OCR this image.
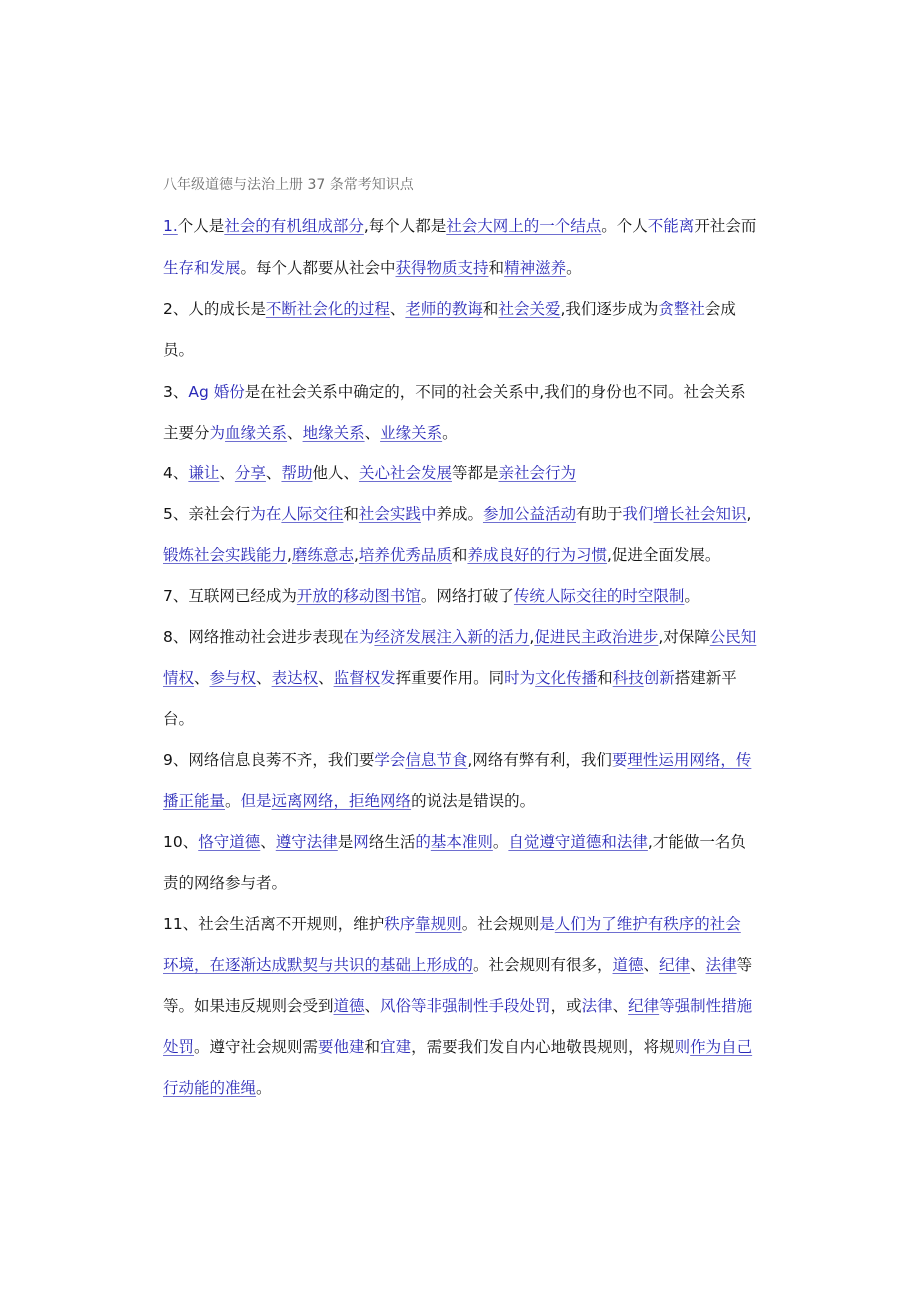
八年级道德与法治上册 37 条常考知识点
1.个人是社会的有机组成部分,每个人都是社会大网上的一个结点。个人不能离开社会而
生存和发展。每个人都要从社会中获得物质支持和精神滋养。
2、人的成长是不断社会化的过程、老师的教诲和社会关爱,我们逐步成为贪整社会成
员。
3、Ag 婚份是在社会关系中确定的，不同的社会关系中,我们的身份也不同。社会关系
主要分为血缘关系、地缘关系、业缘关系。
4、谦让、分享、帮助他人、关心社会发展等都是亲社会行为
5、亲社会行为在人际交往和社会实践中养成。参加公益活动有助于我们增长社会知识,
锻炼社会实践能力,磨练意志,培养优秀品质和养成良好的行为习惯,促进全面发展。
7、互联网已经成为开放的移动图书馆。网络打破了传统人际交往的时空限制。
8、网络推动社会进步表现在为经济发展注入新的活力,促进民主政治进步,对保障公民知
情权、参与权、表达权、监督权发挥重要作用。同时为文化传播和科技创新搭建新平
台。
9、网络信息良莠不齐，我们要学会信息节食,网络有弊有利，我们要理性运用网络，传
播正能量。但是远离网络，拒绝网络的说法是错误的。
10、恪守道德、遵守法律是网络生活的基本准则。自觉遵守道德和法律,才能做一名负
责的网络参与者。
11、社会生活离不开规则，维护秩序靠规则。社会规则是人们为了维护有秩序的社会
环境，在逐渐达成默契与共识的基础上形成的。社会规则有很多，道德、纪律、法律等
等。如果违反规则会受到道德、风俗等非强制性手段处罚，或法律、纪律等强制性措施
处罚。遵守社会规则需要他建和宜建，需要我们发自内心地敬畏规则，将规则作为自己
行动能的准绳。
